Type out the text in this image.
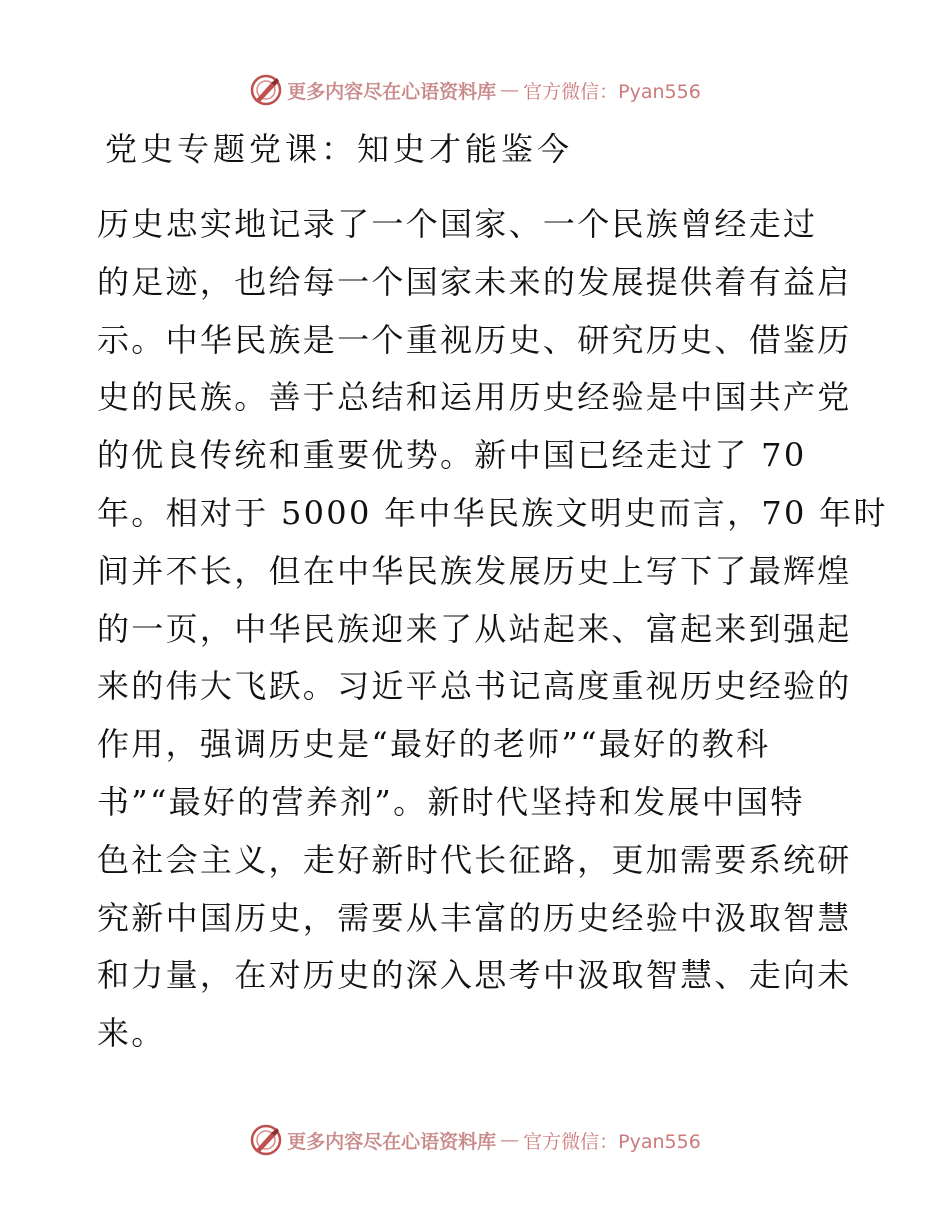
更多内容尽在心语资料库 — 官方微信：Pyan556
党史专题党课：知史才能鉴今
历史忠实地记录了一个国家、一个民族曾经走过
的足迹，也给每一个国家未来的发展提供着有益启
示。中华民族是一个重视历史、研究历史、借鉴历
史的民族。善于总结和运用历史经验是中国共产党
的优良传统和重要优势。新中国已经走过了 70
年。相对于 5000 年中华民族文明史而言，70 年时
间并不长，但在中华民族发展历史上写下了最辉煌
的一页，中华民族迎来了从站起来、富起来到强起
来的伟大飞跃。习近平总书记高度重视历史经验的
作用，强调历史是“最好的老师”“最好的教科
书”“最好的营养剂”。新时代坚持和发展中国特
色社会主义，走好新时代长征路，更加需要系统研
究新中国历史，需要从丰富的历史经验中汲取智慧
和力量，在对历史的深入思考中汲取智慧、走向未
来。
更多内容尽在心语资料库 — 官方微信：Pyan556
